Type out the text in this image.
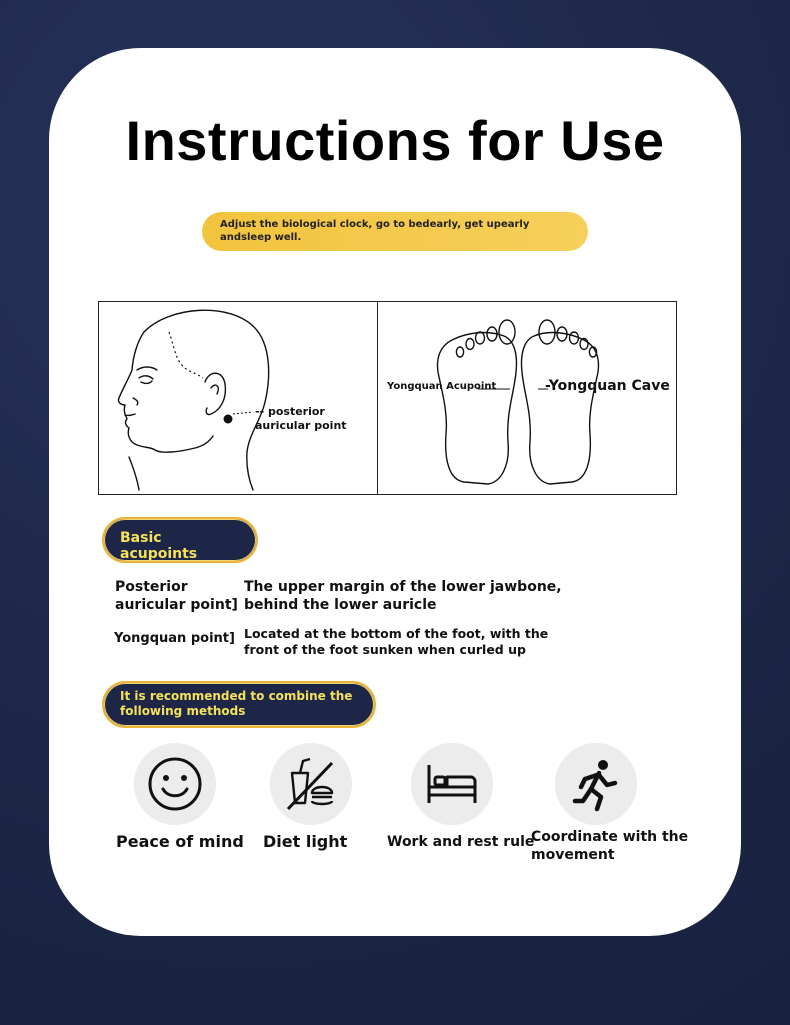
Instructions for Use
Adjust the biological clock, go to bedearly, get upearly andsleep well.
-- posterior
auricular point
Yongquan Acupoint	-Yongquan Cave
Basic acupoints
Posterior
auricular point]
The upper margin of the lower jawbone,
behind the lower auricle
Yongquan point] Located at the bottom of the foot, with the
front of the foot sunken when curled up
It is recommended to combine the
following methods
Peace of mind Diet light	Work and rest rule
Coordinate with the
movement
